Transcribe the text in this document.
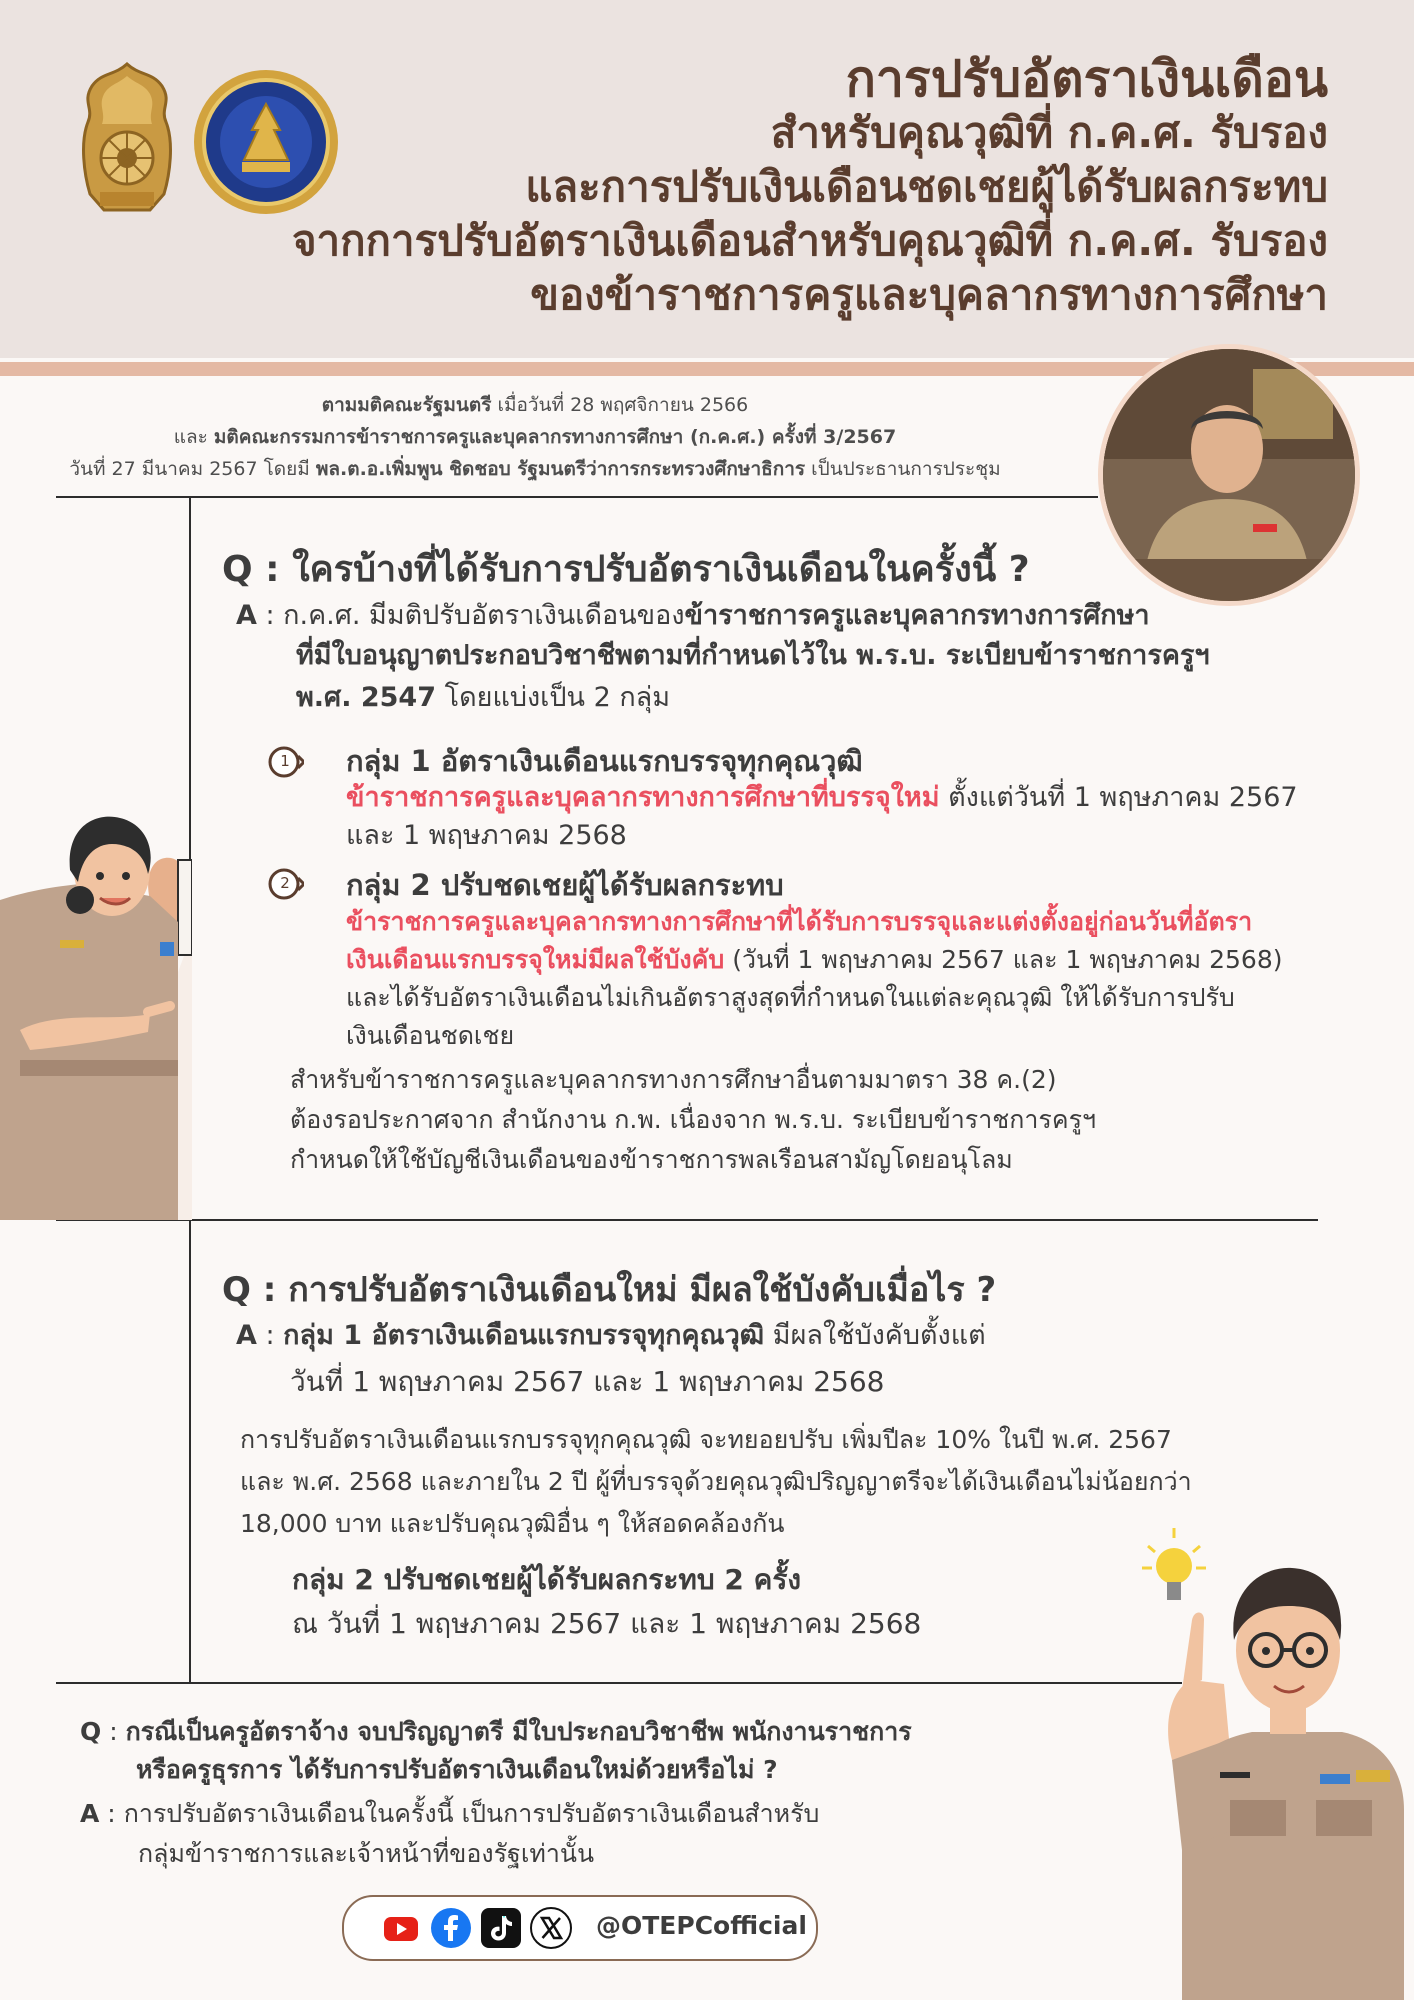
การปรับอัตราเงินเดือน
สำหรับคุณวุฒิที่ ก.ค.ศ. รับรอง
และการปรับเงินเดือนชดเชยผู้ได้รับผลกระทบ
จากการปรับอัตราเงินเดือนสำหรับคุณวุฒิที่ ก.ค.ศ. รับรอง
ของข้าราชการครูและบุคลากรทางการศึกษา
ตามมติคณะรัฐมนตรี เมื่อวันที่ 28 พฤศจิกายน 2566
และ มติคณะกรรมการข้าราชการครูและบุคลากรทางการศึกษา (ก.ค.ศ.) ครั้งที่ 3/2567
วันที่ 27 มีนาคม 2567 โดยมี พล.ต.อ.เพิ่มพูน ชิดชอบ รัฐมนตรีว่าการกระทรวงศึกษาธิการ เป็นประธานการประชุม
Q : ใครบ้างที่ได้รับการปรับอัตราเงินเดือนในครั้งนี้ ?
A : ก.ค.ศ. มีมติปรับอัตราเงินเดือนของข้าราชการครูและบุคลากรทางการศึกษา
ที่มีใบอนุญาตประกอบวิชาชีพตามที่กำหนดไว้ใน พ.ร.บ. ระเบียบข้าราชการครูฯ
พ.ศ. 2547 โดยแบ่งเป็น 2 กลุ่ม
1 กลุ่ม 1 อัตราเงินเดือนแรกบรรจุทุกคุณวุฒิ
ข้าราชการครูและบุคลากรทางการศึกษาที่บรรจุใหม่ ตั้งแต่วันที่ 1 พฤษภาคม 2567
และ 1 พฤษภาคม 2568
2 กลุ่ม 2 ปรับชดเชยผู้ได้รับผลกระทบ
ข้าราชการครูและบุคลากรทางการศึกษาที่ได้รับการบรรจุและแต่งตั้งอยู่ก่อนวันที่อัตรา
เงินเดือนแรกบรรจุใหม่มีผลใช้บังคับ (วันที่ 1 พฤษภาคม 2567 และ 1 พฤษภาคม 2568)
และได้รับอัตราเงินเดือนไม่เกินอัตราสูงสุดที่กำหนดในแต่ละคุณวุฒิ ให้ได้รับการปรับ
เงินเดือนชดเชย
สำหรับข้าราชการครูและบุคลากรทางการศึกษาอื่นตามมาตรา 38 ค.(2)
ต้องรอประกาศจาก สำนักงาน ก.พ. เนื่องจาก พ.ร.บ. ระเบียบข้าราชการครูฯ
กำหนดให้ใช้บัญชีเงินเดือนของข้าราชการพลเรือนสามัญโดยอนุโลม
Q : การปรับอัตราเงินเดือนใหม่ มีผลใช้บังคับเมื่อไร ?
A : กลุ่ม 1 อัตราเงินเดือนแรกบรรจุทุกคุณวุฒิ มีผลใช้บังคับตั้งแต่
วันที่ 1 พฤษภาคม 2567 และ 1 พฤษภาคม 2568
การปรับอัตราเงินเดือนแรกบรรจุทุกคุณวุฒิ จะทยอยปรับ เพิ่มปีละ 10% ในปี พ.ศ. 2567
และ พ.ศ. 2568 และภายใน 2 ปี ผู้ที่บรรจุด้วยคุณวุฒิปริญญาตรีจะได้เงินเดือนไม่น้อยกว่า
18,000 บาท และปรับคุณวุฒิอื่น ๆ ให้สอดคล้องกัน
กลุ่ม 2 ปรับชดเชยผู้ได้รับผลกระทบ 2 ครั้ง
ณ วันที่ 1 พฤษภาคม 2567 และ 1 พฤษภาคม 2568
Q : กรณีเป็นครูอัตราจ้าง จบปริญญาตรี มีใบประกอบวิชาชีพ พนักงานราชการ
หรือครูธุรการ ได้รับการปรับอัตราเงินเดือนใหม่ด้วยหรือไม่ ?
A : การปรับอัตราเงินเดือนในครั้งนี้ เป็นการปรับอัตราเงินเดือนสำหรับ
กลุ่มข้าราชการและเจ้าหน้าที่ของรัฐเท่านั้น
@OTEPCofficial
